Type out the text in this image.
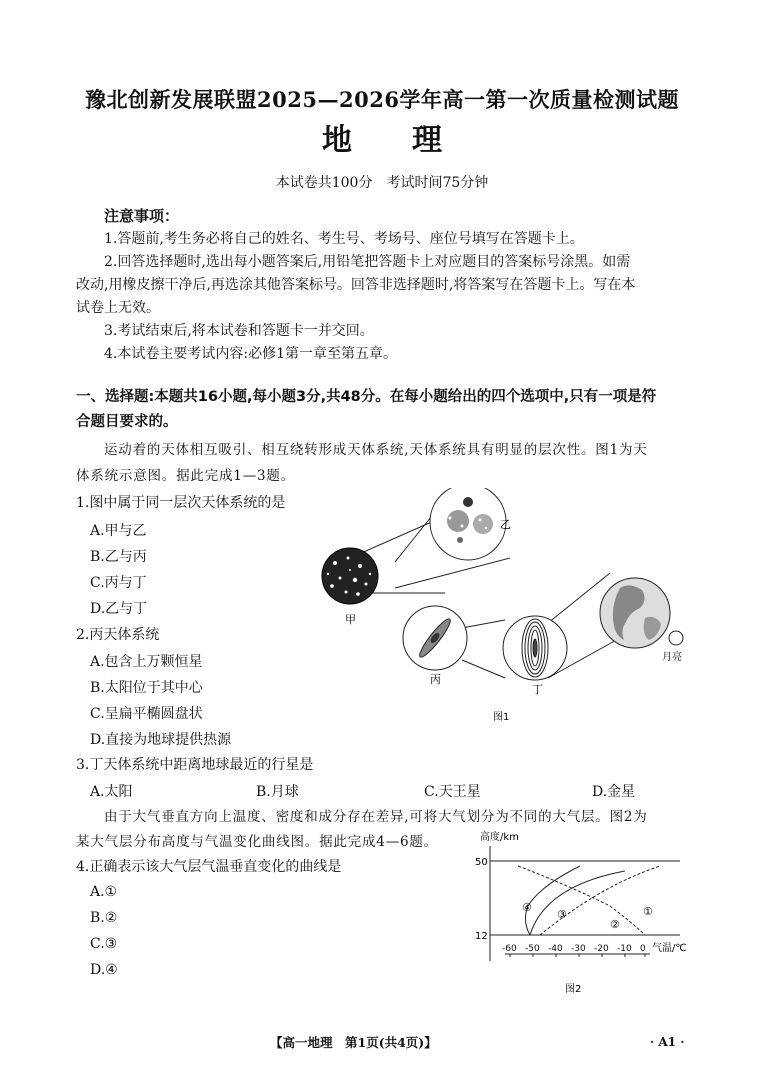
豫北创新发展联盟2025—2026学年高一第一次质量检测试题
地 理
本试卷共100分　考试时间75分钟
注意事项：
1.答题前,考生务必将自己的姓名、考生号、考场号、座位号填写在答题卡上。
2.回答选择题时,选出每小题答案后,用铅笔把答题卡上对应题目的答案标号涂黑。如需
改动,用橡皮擦干净后,再选涂其他答案标号。回答非选择题时,将答案写在答题卡上。写在本
试卷上无效。
3.考试结束后,将本试卷和答题卡一并交回。
4.本试卷主要考试内容:必修1第一章至第五章。
一、选择题:本题共16小题,每小题3分,共48分。在每小题给出的四个选项中,只有一项是符
合题目要求的。
运动着的天体相互吸引、相互绕转形成天体系统,天体系统具有明显的层次性。图1为天
体系统示意图。据此完成1—3题。
1.图中属于同一层次天体系统的是
A.甲与乙
B.乙与丙
C.丙与丁
D.乙与丁
2.丙天体系统
A.包含上万颗恒星
B.太阳位于其中心
C.呈扁平椭圆盘状
D.直接为地球提供热源
3.丁天体系统中距离地球最近的行星是
A.太阳	B.月球	C.天王星	D.金星
由于大气垂直方向上温度、密度和成分存在差异,可将大气划分为不同的大气层。图2为
某大气层分布高度与气温变化曲线图。据此完成4—6题。
4.正确表示该大气层气温垂直变化的曲线是
A.①
B.②
C.③
D.④
甲
乙
丙
丁
月亮
图1
高度/km
50
12
-60 -50 -40 -30 -20 -10 0 气温/℃
①
②
③
④
图2
【高一地理　第1页(共4页)】	· A1 ·
